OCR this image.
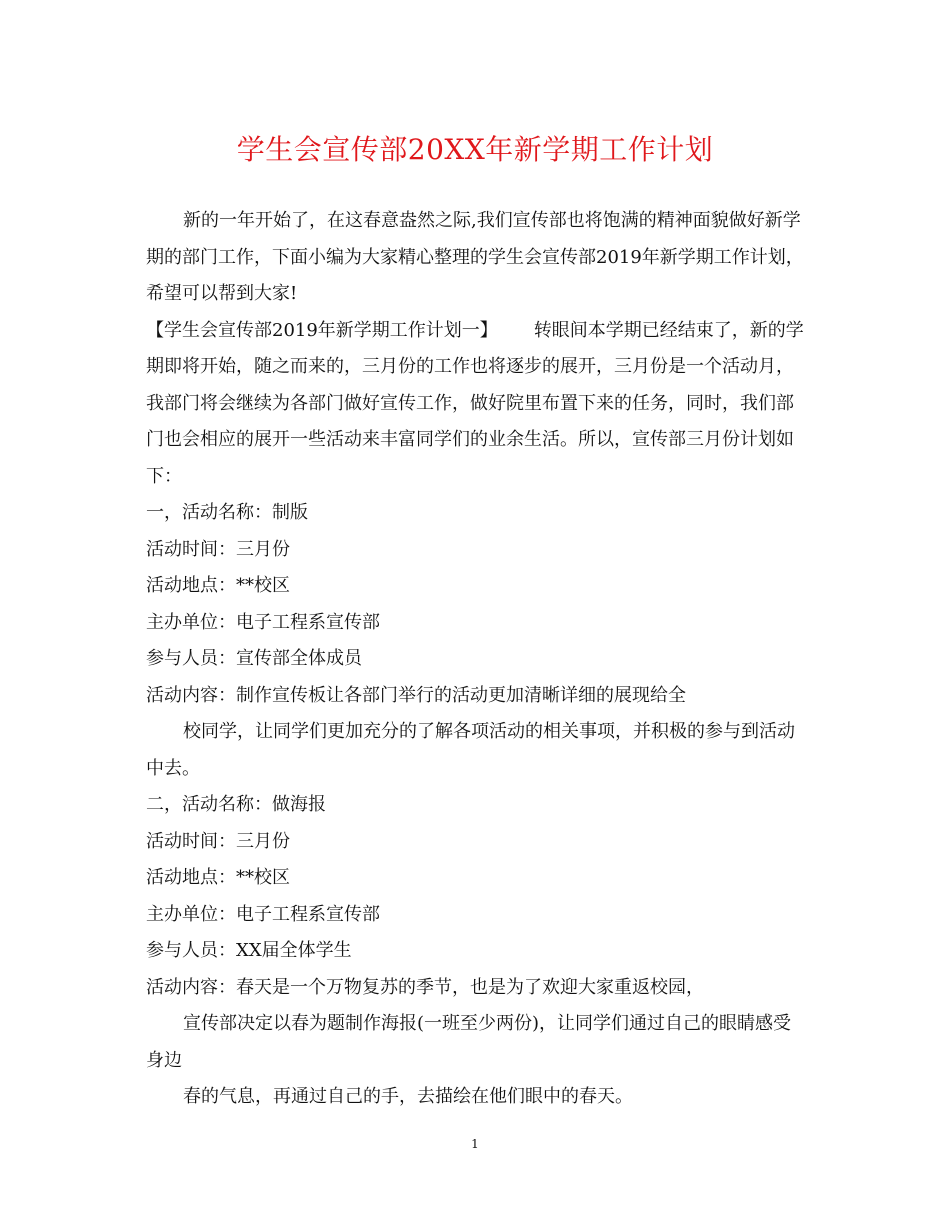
学生会宣传部20XX年新学期工作计划

新的一年开始了，在这春意盎然之际,我们宣传部也将饱满的精神面貌做好新学期的部门工作，下面小编为大家精心整理的学生会宣传部2019年新学期工作计划，希望可以帮到大家!

【学生会宣传部2019年新学期工作计划一】 转眼间本学期已经结束了，新的学期即将开始，随之而来的，三月份的工作也将逐步的展开，三月份是一个活动月，我部门将会继续为各部门做好宣传工作，做好院里布置下来的任务，同时，我们部门也会相应的展开一些活动来丰富同学们的业余生活。所以，宣传部三月份计划如下：

一，活动名称：制版

活动时间：三月份

活动地点：**校区

主办单位：电子工程系宣传部

参与人员：宣传部全体成员

活动内容：制作宣传板让各部门举行的活动更加清晰详细的展现给全

校同学，让同学们更加充分的了解各项活动的相关事项，并积极的参与到活动中去。

二，活动名称：做海报

活动时间：三月份

活动地点：**校区

主办单位：电子工程系宣传部

参与人员：XX届全体学生

活动内容：春天是一个万物复苏的季节，也是为了欢迎大家重返校园，

宣传部决定以春为题制作海报(一班至少两份)，让同学们通过自己的眼睛感受身边

春的气息，再通过自己的手，去描绘在他们眼中的春天。

1
